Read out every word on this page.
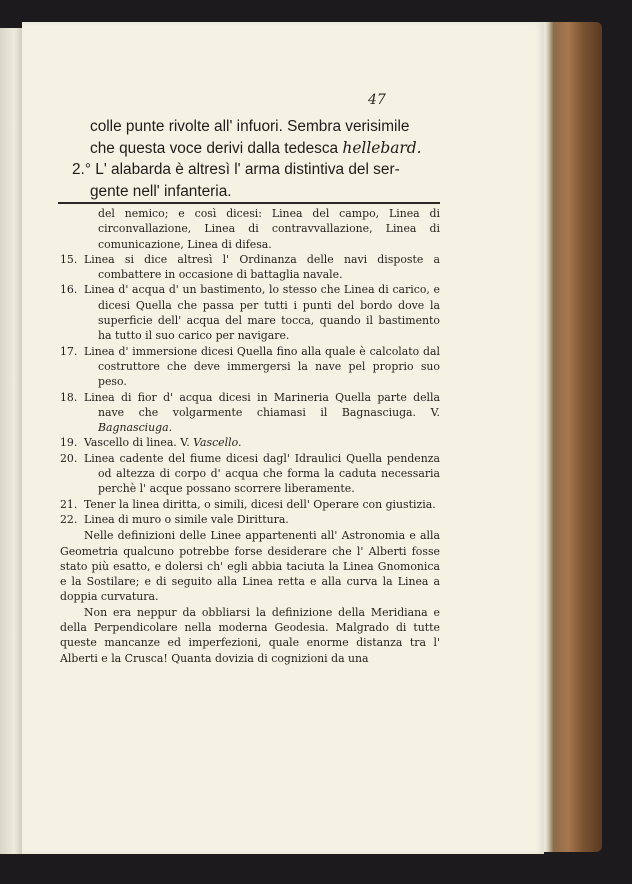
47

colle punte rivolte all' infuori. Sembra verisimile

che questa voce derivi dalla tedesca hellebard.

2.° L' alabarda è altresì l' arma distintiva del ser-

gente nell' infanteria.

del nemico; e così dicesi: Linea del campo, Linea di circonvallazione, Linea di contravvallazione, Linea di comunicazione, Linea di difesa.

15. Linea si dice altresì l' Ordinanza delle navi disposte a combattere in occasione di battaglia navale.
16. Linea d' acqua d' un bastimento, lo stesso che Linea di carico, e dicesi Quella che passa per tutti i punti del bordo dove la superficie dell' acqua del mare tocca, quando il bastimento ha tutto il suo carico per navigare.
17. Linea d' immersione dicesi Quella fino alla quale è calcolato dal costruttore che deve immergersi la nave pel proprio suo peso.
18. Linea di fior d' acqua dicesi in Marineria Quella parte della nave che volgarmente chiamasi il Bagnasciuga. V. Bagnasciuga.
19. Vascello di linea. V. Vascello.
20. Linea cadente del fiume dicesi dagl' Idraulici Quella pendenza od altezza di corpo d' acqua che forma la caduta necessaria perchè l' acque possano scorrere liberamente.
21. Tener la linea diritta, o simili, dicesi dell' Operare con giustizia.
22. Linea di muro o simile vale Dirittura.

Nelle definizioni delle Linee appartenenti all' Astronomia e alla Geometria qualcuno potrebbe forse desiderare che l' Alberti fosse stato più esatto, e dolersi ch' egli abbia taciuta la Linea Gnomonica e la Sostilare; e di seguito alla Linea retta e alla curva la Linea a doppia curvatura.

Non era neppur da obbliarsi la definizione della Meridiana e della Perpendicolare nella moderna Geodesia. Malgrado di tutte queste mancanze ed imperfezioni, quale enorme distanza tra l' Alberti e la Crusca! Quanta dovizia di cognizioni da una
